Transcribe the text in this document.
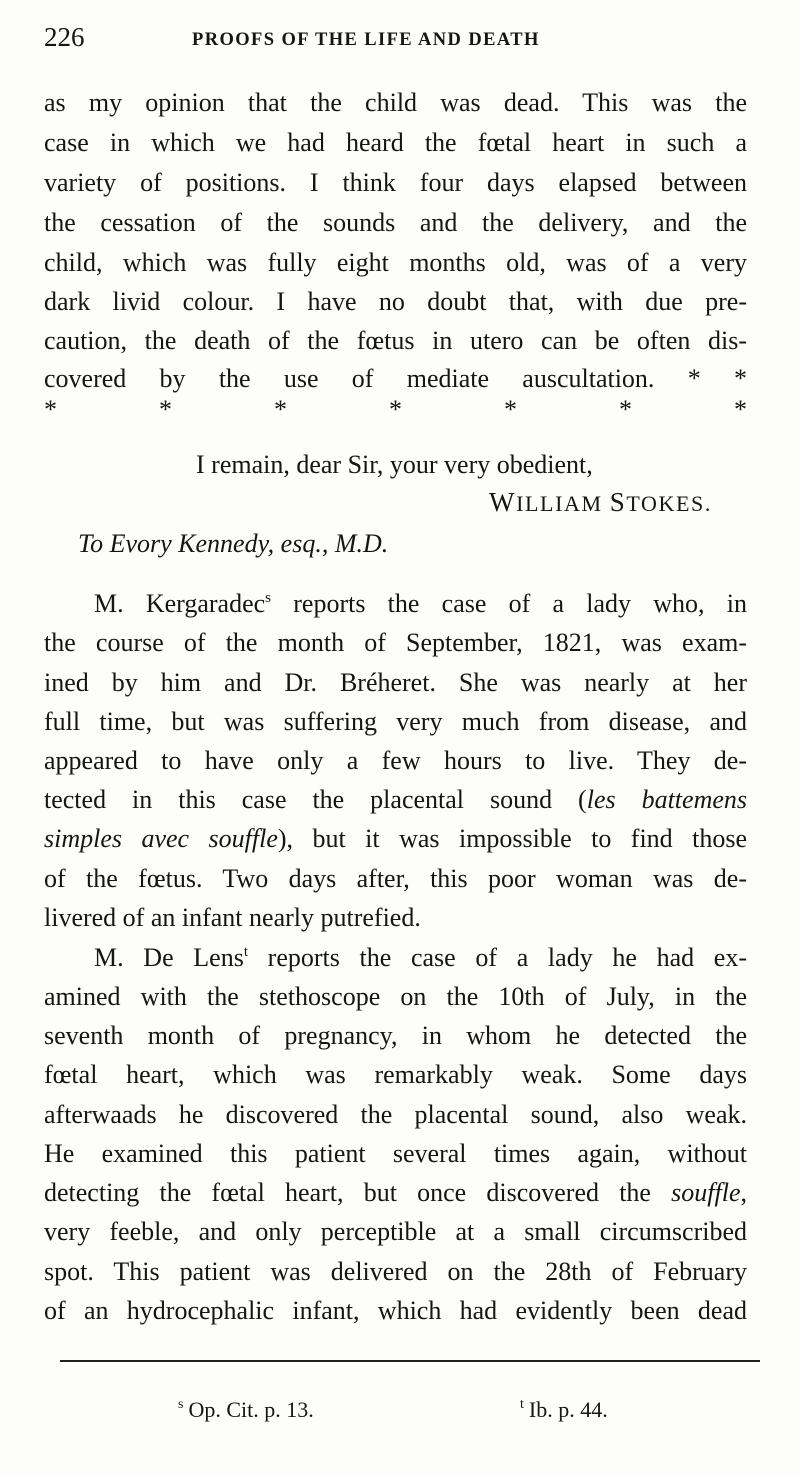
226	PROOFS OF THE LIFE AND DEATH
as my opinion that the child was dead. This was the
case in which we had heard the fœtal heart in such a
variety of positions. I think four days elapsed between
the cessation of the sounds and the delivery, and the
child, which was fully eight months old, was of a very
dark livid colour. I have no doubt that, with due pre-
caution, the death of the fœtus in utero can be often dis-
covered by the use of mediate auscultation. * *
*	*	*	*	*	*	*
I remain, dear Sir, your very obedient,
WILLIAM STOKES.
To Evory Kennedy, esq., M.D.
M. Kergaradec$^s$ reports the case of a lady who, in
the course of the month of September, 1821, was exam-
ined by him and Dr. Bréheret. She was nearly at her
full time, but was suffering very much from disease, and
appeared to have only a few hours to live. They de-
tected in this case the placental sound (les battemens
simples avec souffle), but it was impossible to find those
of the fœtus. Two days after, this poor woman was de-
livered of an infant nearly putrefied.
M. De Lens$^t$ reports the case of a lady he had ex-
amined with the stethoscope on the 10th of July, in the
seventh month of pregnancy, in whom he detected the
fœtal heart, which was remarkably weak. Some days
afterwaads he discovered the placental sound, also weak.
He examined this patient several times again, without
detecting the fœtal heart, but once discovered the souffle,
very feeble, and only perceptible at a small circumscribed
spot. This patient was delivered on the 28th of February
of an hydrocephalic infant, which had evidently been dead
$^s$ Op. Cit. p. 13.	$^t$ Ib. p. 44.
